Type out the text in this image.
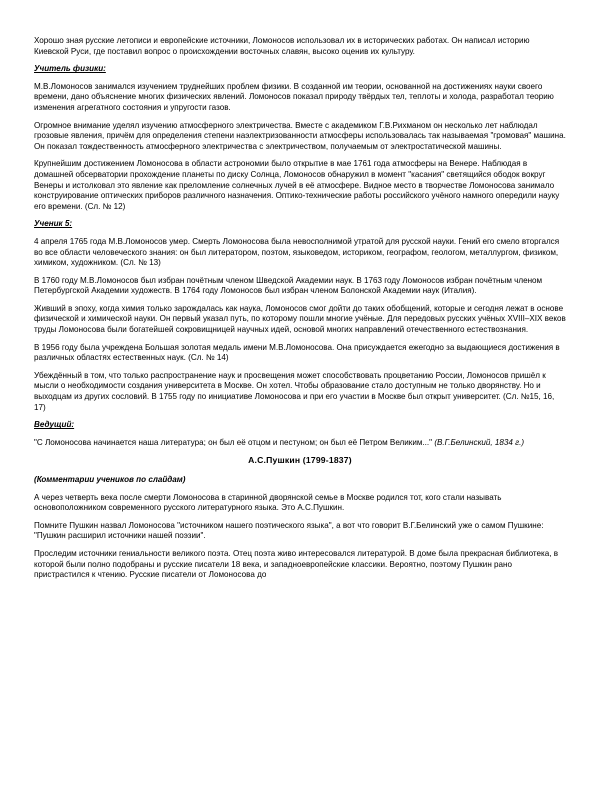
Хорошо зная русские летописи и европейские источники, Ломоносов использовал их в исторических работах. Он написал историю Киевской Руси, где поставил вопрос о происхождении восточных славян, высоко оценив их культуру.

Учитель физики:

М.В.Ломоносов занимался изучением труднейших проблем физики. В созданной им теории, основанной на достижениях науки своего времени, дано объяснение многих физических явлений. Ломоносов показал природу твёрдых тел, теплоты и холода, разработал теорию изменения агрегатного состояния и упругости газов.

Огромное внимание уделял изучению атмосферного электричества. Вместе с академиком Г.В.Рихманом он несколько лет наблюдал грозовые явления, причём для определения степени наэлектризованности атмосферы использовалась так называемая "громовая" машина. Он показал тождественность атмосферного электричества с электричеством, получаемым от электростатической машины.

Крупнейшим достижением Ломоносова в области астрономии было открытие в мае 1761 года атмосферы на Венере. Наблюдая в домашней обсерватории прохождение планеты по диску Солнца, Ломоносов обнаружил в момент "касания" светящийся ободок вокруг Венеры и истолковал это явление как преломление солнечных лучей в её атмосфере. Видное место в творчестве Ломоносова занимало конструирование оптических приборов различного назначения. Оптико-технические работы российского учёного намного опередили науку его времени. (Сл. № 12)

Ученик 5:

4 апреля 1765 года М.В.Ломоносов умер. Смерть Ломоносова была невосполнимой утратой для русской науки. Гений его смело вторгался во все области человеческого знания: он был литератором, поэтом, языковедом, историком, географом, геологом, металлургом, физиком, химиком, художником. (Сл. № 13)

В 1760 году М.В.Ломоносов был избран почётным членом Шведской Академии наук. В 1763 году Ломоносов избран почётным членом Петербургской Академии художеств. В 1764 году Ломоносов был избран членом Болонской Академии наук (Италия).

Живший в эпоху, когда химия только зарождалась как наука, Ломоносов смог дойти до таких обобщений, которые и сегодня лежат в основе физической и химической науки. Он первый указал путь, по которому пошли многие учёные. Для передовых русских учёных XVIII–XIX веков труды Ломоносова были богатейшей сокровищницей научных идей, основой многих направлений отечественного естествознания.

В 1956 году была учреждена Большая золотая медаль имени М.В.Ломоносова. Она присуждается ежегодно за выдающиеся достижения в различных областях естественных наук. (Сл. № 14)

Убеждённый в том, что только распространение наук и просвещения может способствовать процветанию России, Ломоносов пришёл к мысли о необходимости создания университета в Москве. Он хотел. Чтобы образование стало доступным не только дворянству. Но и выходцам из других сословий. В 1755 году по инициативе Ломоносова и при его участии в Москве был открыт университет. (Сл. №15, 16, 17)

Ведущий:

"С Ломоносова начинается наша литература; он был её отцом и пестуном; он был её Петром Великим..." (В.Г.Белинский, 1834 г.)

А.С.Пушкин (1799-1837)

(Комментарии учеников по слайдам)

А через четверть века после смерти Ломоносова в старинной дворянской семье в Москве родился тот, кого стали называть основоположником современного русского литературного языка. Это А.С.Пушкин.

Помните Пушкин назвал Ломоносова "источником нашего поэтического языка", а вот что говорит В.Г.Белинский уже о самом Пушкине: "Пушкин расширил источники нашей поэзии".

Проследим источники гениальности великого поэта. Отец поэта живо интересовался литературой. В доме была прекрасная библиотека, в которой были полно подобраны и русские писатели 18 века, и западноевропейские классики. Вероятно, поэтому Пушкин рано пристрастился к чтению. Русские писатели от Ломоносова до
